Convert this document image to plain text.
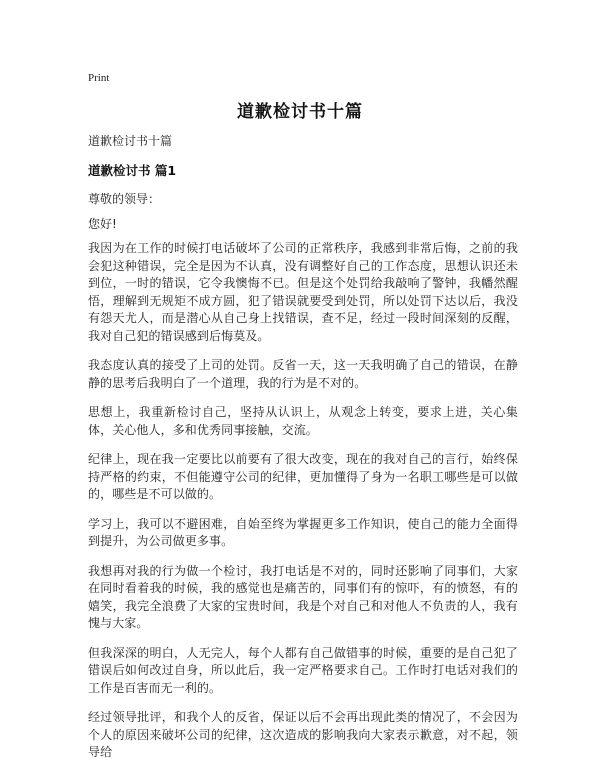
Print
道歉检讨书十篇
道歉检讨书十篇
道歉检讨书 篇1
尊敬的领导：
您好!

我因为在工作的时候打电话破坏了公司的正常秩序，我感到非常后悔，之前的我会犯这种错误，完全是因为不认真，没有调整好自己的工作态度，思想认识还未到位，一时的错误，它令我懊悔不已。但是这个处罚给我敲响了警钟，我幡然醒悟，理解到无规矩不成方圆，犯了错误就要受到处罚，所以处罚下达以后，我没有怨天尤人，而是潜心从自己身上找错误，查不足，经过一段时间深刻的反醒，我对自己犯的错误感到后悔莫及。

我态度认真的接受了上司的处罚。反省一天，这一天我明确了自己的错误，在静静的思考后我明白了一个道理，我的行为是不对的。

思想上，我重新检讨自己，坚持从认识上，从观念上转变，要求上进，关心集体，关心他人，多和优秀同事接触，交流。

纪律上，现在我一定要比以前要有了很大改变，现在的我对自己的言行，始终保持严格的约束，不但能遵守公司的纪律，更加懂得了身为一名职工哪些是可以做的，哪些是不可以做的。

学习上，我可以不避困难，自始至终为掌握更多工作知识，使自己的能力全面得到提升，为公司做更多事。

我想再对我的行为做一个检讨，我打电话是不对的，同时还影响了同事们，大家在同时看着我的时候，我的感觉也是痛苦的，同事们有的惊吓，有的愤怒，有的嬉笑，我完全浪费了大家的宝贵时间，我是个对自己和对他人不负责的人，我有愧与大家。

但我深深的明白，人无完人，每个人都有自己做错事的时候，重要的是自己犯了错误后如何改过自身，所以此后，我一定严格要求自己。工作时打电话对我们的工作是百害而无一利的。

经过领导批评，和我个人的反省，保证以后不会再出现此类的情况了，不会因为个人的原因来破坏公司的纪律，这次造成的影响我向大家表示歉意，对不起，领导给
